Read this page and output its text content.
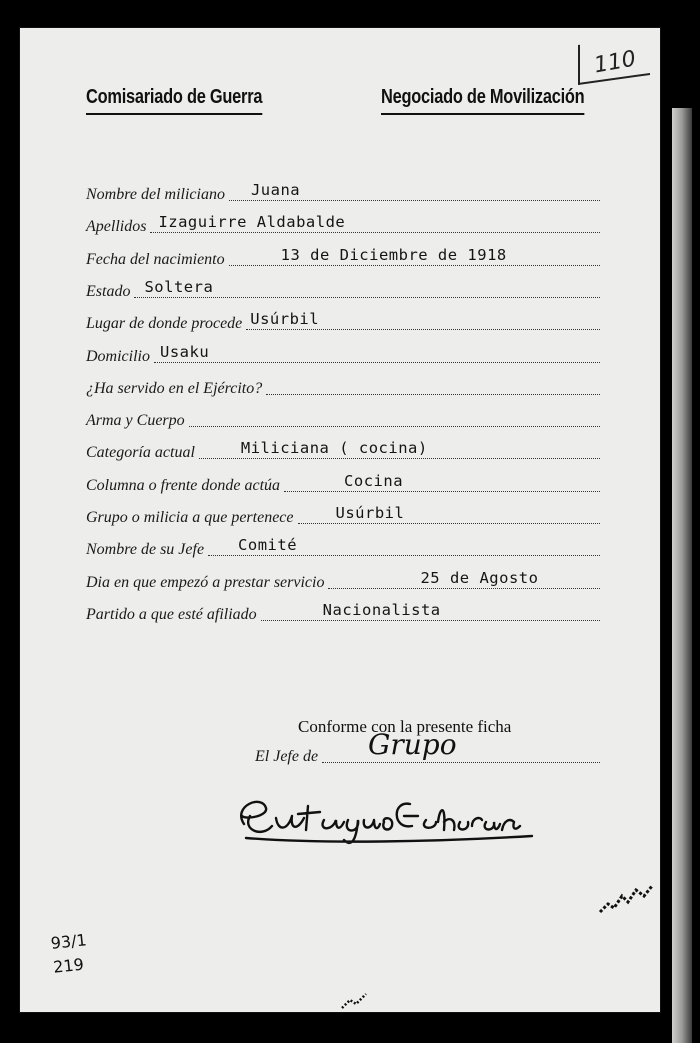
110
Comisariado de Guerra	Negociado de Movilización
Nombre del miliciano Juana
Apellidos Izaguirre Aldabalde
Fecha del nacimiento	13 de Diciembre de 1918
Estado Soltera
Lugar de donde procede Usúrbil
Domicilio Usaku
¿Ha servido en el Ejército?
Arma y Cuerpo
Categoría actual	Miliciana ( cocina)
Columna o frente donde actúa	Cocina
Grupo o milicia a que pertenece	Usúrbil
Nombre de su Jefe Comité
Dia en que empezó a prestar servicio	25 de Agosto
Partido a que esté afiliado	Nacionalista
Conforme con la presente ficha
El Jefe de Grupo
93/1
219
